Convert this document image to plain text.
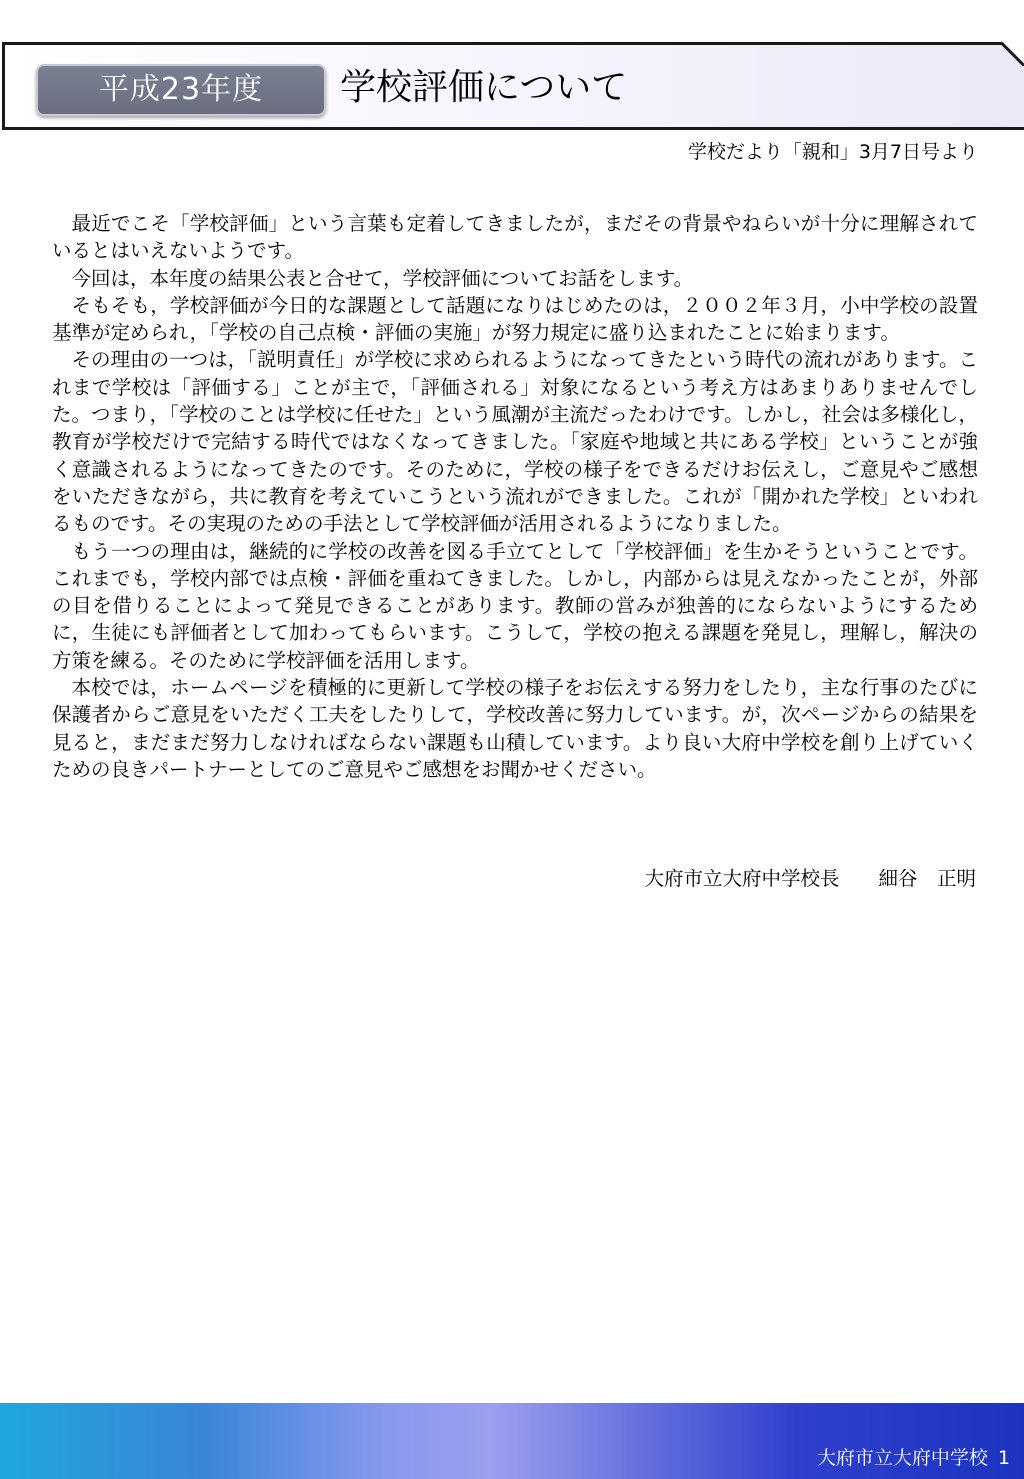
平成23年度	学校評価について
学校だより「親和」3月7日号より

最近でこそ「学校評価」という言葉も定着してきましたが，まだその背景やねらいが十分に理解されているとはいえないようです。

今回は，本年度の結果公表と合せて，学校評価についてお話をします。

そもそも，学校評価が今日的な課題として話題になりはじめたのは，２００２年３月，小中学校の設置基準が定められ，「学校の自己点検・評価の実施」が努力規定に盛り込まれたことに始まります。

その理由の一つは，「説明責任」が学校に求められるようになってきたという時代の流れがあります。これまで学校は「評価する」ことが主で，「評価される」対象になるという考え方はあまりありませんでした。つまり，「学校のことは学校に任せた」という風潮が主流だったわけです。しかし，社会は多様化し，教育が学校だけで完結する時代ではなくなってきました。「家庭や地域と共にある学校」ということが強く意識されるようになってきたのです。そのために，学校の様子をできるだけお伝えし，ご意見やご感想をいただきながら，共に教育を考えていこうという流れができました。これが「開かれた学校」といわれるものです。その実現のための手法として学校評価が活用されるようになりました。

もう一つの理由は，継続的に学校の改善を図る手立てとして「学校評価」を生かそうということです。これまでも，学校内部では点検・評価を重ねてきました。しかし，内部からは見えなかったことが，外部の目を借りることによって発見できることがあります。教師の営みが独善的にならないようにするために，生徒にも評価者として加わってもらいます。こうして，学校の抱える課題を発見し，理解し，解決の方策を練る。そのために学校評価を活用します。

本校では，ホームページを積極的に更新して学校の様子をお伝えする努力をしたり，主な行事のたびに保護者からご意見をいただく工夫をしたりして，学校改善に努力しています。が，次ページからの結果を見ると，まだまだ努力しなければならない課題も山積しています。より良い大府中学校を創り上げていくための良きパートナーとしてのご意見やご感想をお聞かせください。

大府市立大府中学校長　　細谷　正明
大府市立大府中学校 1
